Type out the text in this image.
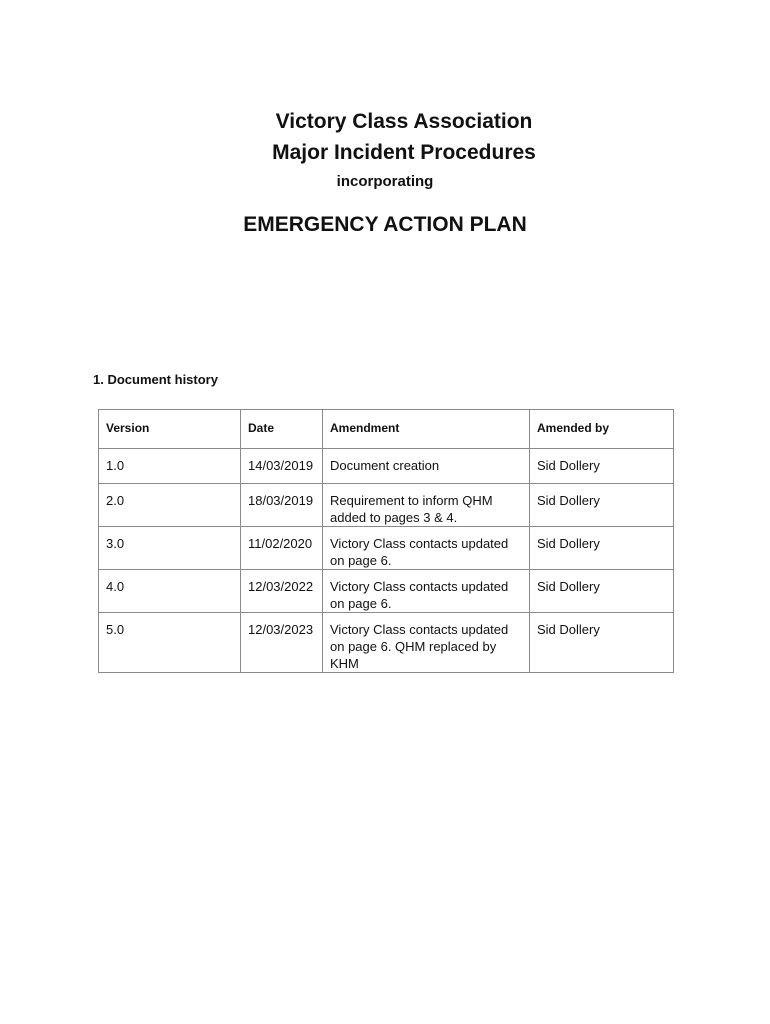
Victory Class Association
Major Incident Procedures
incorporating
EMERGENCY ACTION PLAN
1. Document history
Version	Date	Amendment	Amended by
1.0	14/03/2019	Document creation	Sid Dollery
2.0	18/03/2019	Requirement to inform QHM added to pages 3 & 4.	Sid Dollery
3.0	11/02/2020	Victory Class contacts updated on page 6.	Sid Dollery
4.0	12/03/2022	Victory Class contacts updated on page 6.	Sid Dollery
5.0	12/03/2023	Victory Class contacts updated on page 6. QHM replaced by KHM	Sid Dollery
